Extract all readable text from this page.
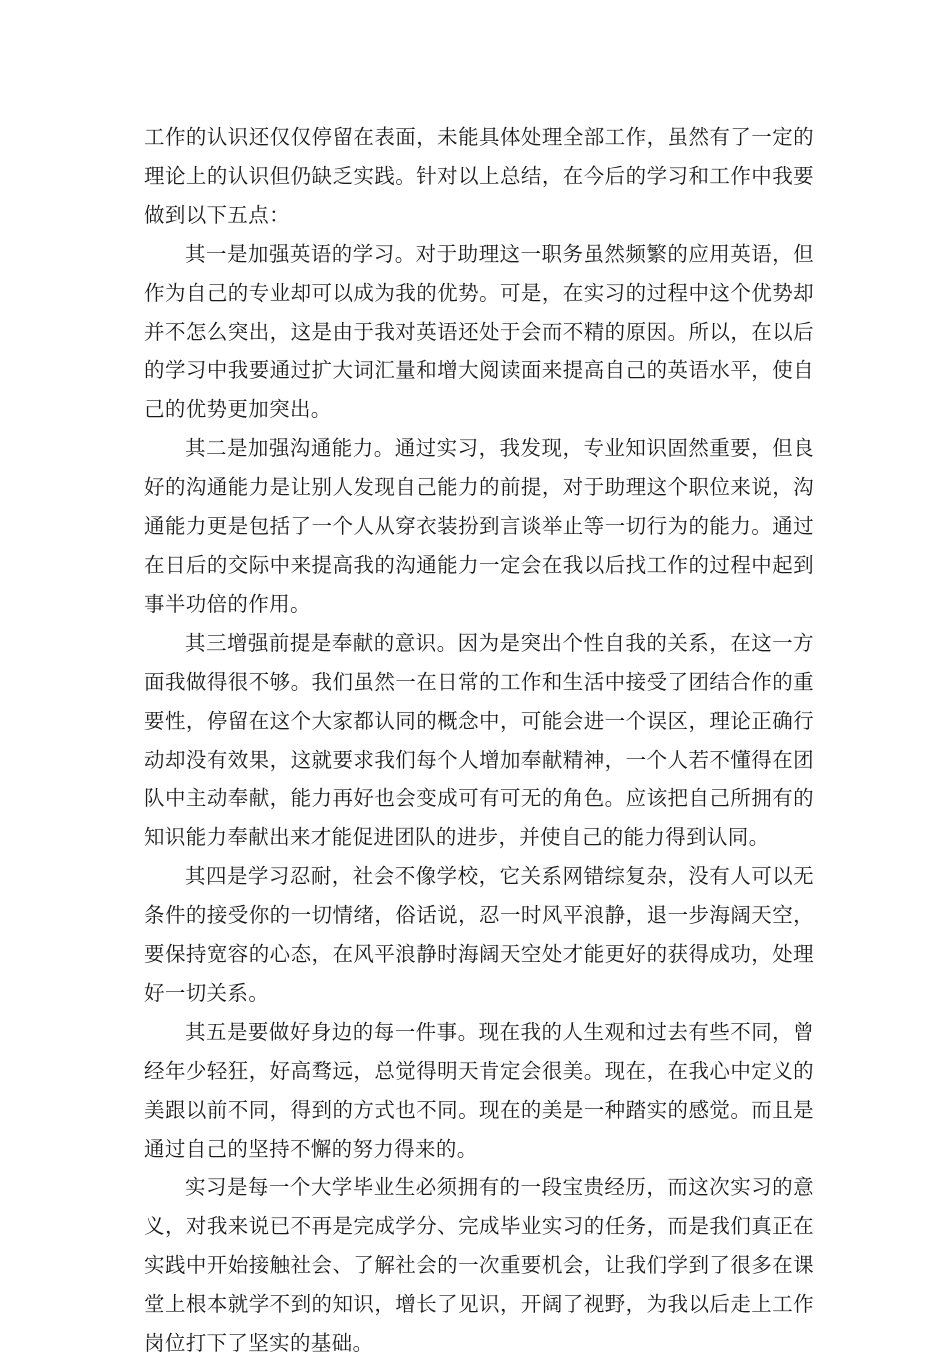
工作的认识还仅仅停留在表面，未能具体处理全部工作，虽然有了一定的理论上的认识但仍缺乏实践。针对以上总结，在今后的学习和工作中我要做到以下五点：

其一是加强英语的学习。对于助理这一职务虽然频繁的应用英语，但作为自己的专业却可以成为我的优势。可是，在实习的过程中这个优势却并不怎么突出，这是由于我对英语还处于会而不精的原因。所以，在以后的学习中我要通过扩大词汇量和增大阅读面来提高自己的英语水平，使自己的优势更加突出。

其二是加强沟通能力。通过实习，我发现，专业知识固然重要，但良好的沟通能力是让别人发现自己能力的前提，对于助理这个职位来说，沟通能力更是包括了一个人从穿衣装扮到言谈举止等一切行为的能力。通过在日后的交际中来提高我的沟通能力一定会在我以后找工作的过程中起到事半功倍的作用。

其三增强前提是奉献的意识。因为是突出个性自我的关系，在这一方面我做得很不够。我们虽然一在日常的工作和生活中接受了团结合作的重要性，停留在这个大家都认同的概念中，可能会进一个误区，理论正确行动却没有效果，这就要求我们每个人增加奉献精神，一个人若不懂得在团队中主动奉献，能力再好也会变成可有可无的角色。应该把自己所拥有的知识能力奉献出来才能促进团队的进步，并使自己的能力得到认同。

其四是学习忍耐，社会不像学校，它关系网错综复杂，没有人可以无条件的接受你的一切情绪，俗话说，忍一时风平浪静，退一步海阔天空，要保持宽容的心态，在风平浪静时海阔天空处才能更好的获得成功，处理好一切关系。

其五是要做好身边的每一件事。现在我的人生观和过去有些不同，曾经年少轻狂，好高骛远，总觉得明天肯定会很美。现在，在我心中定义的美跟以前不同，得到的方式也不同。现在的美是一种踏实的感觉。而且是通过自己的坚持不懈的努力得来的。

实习是每一个大学毕业生必须拥有的一段宝贵经历，而这次实习的意义，对我来说已不再是完成学分、完成毕业实习的任务，而是我们真正在实践中开始接触社会、了解社会的一次重要机会，让我们学到了很多在课堂上根本就学不到的知识，增长了见识，开阔了视野，为我以后走上工作岗位打下了坚实的基础。
